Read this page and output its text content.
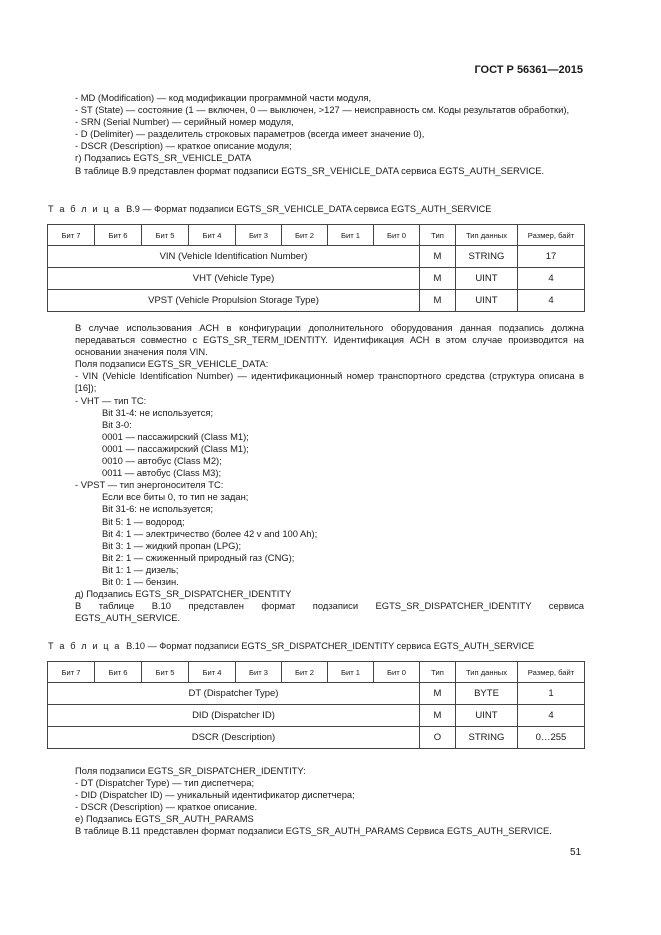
ГОСТ Р 56361—2015

- MD (Modification) — код модификации программной части модуля,

- ST (State) — состояние (1 — включен, 0 — выключен, >127 — неисправность см. Коды результатов обработки),

- SRN (Serial Number) — серийный номер модуля,

- D (Delimiter) — разделитель строковых параметров (всегда имеет значение 0),

- DSCR (Description) — краткое описание модуля;

г) Подзапись EGTS_SR_VEHICLE_DATA

В таблице В.9 представлен формат подзаписи EGTS_SR_VEHICLE_DATA сервиса EGTS_AUTH_SERVICE.

Т а б л и ц а В.9 — Формат подзаписи EGTS_SR_VEHICLE_DATA сервиса EGTS_AUTH_SERVICE
Бит 7	Бит 6	Бит 5	Бит 4	Бит 3	Бит 2	Бит 1	Бит 0	Тип	Тип данных	Размер, байт
VIN (Vehicle Identification Number)								M	STRING	17
VHT (Vehicle Type)								M	UINT	4
VPST (Vehicle Propulsion Storage Type)								M	UINT	4

В случае использования АСН в конфигурации дополнительного оборудования данная подзапись должна передаваться совместно с EGTS_SR_TERM_IDENTITY. Идентификация АСН в этом случае производится на основании значения поля VIN.

Поля подзаписи EGTS_SR_VEHICLE_DATA:

- VIN (Vehicle Identification Number) — идентификационный номер транспортного средства (структура описана в [16]);

- VHT — тип ТС:

Bit 31-4: не используется;

Bit 3-0:

0001 — пассажирский (Class M1);

0001 — пассажирский (Class M1);

0010 — автобус (Class M2);

0011 — автобус (Class M3);

- VPST — тип энергоносителя ТС:

Если все биты 0, то тип не задан;

Bit 31-6: не используется;

Bit 5: 1 — водород;

Bit 4: 1 — электричество (более 42 v and 100 Ah);

Bit 3: 1 — жидкий пропан (LPG);

Bit 2: 1 — сжиженный природный газ (CNG);

Bit 1: 1 — дизель;

Bit 0: 1 — бензин.

д) Подзапись EGTS_SR_DISPATCHER_IDENTITY

В таблице В.10 представлен формат подзаписи EGTS_SR_DISPATCHER_IDENTITY сервиса EGTS_AUTH_SERVICE.

Т а б л и ц а В.10 — Формат подзаписи EGTS_SR_DISPATCHER_IDENTITY сервиса EGTS_AUTH_SERVICE
Бит 7	Бит 6	Бит 5	Бит 4	Бит 3	Бит 2	Бит 1	Бит 0	Тип	Тип данных	Размер, байт
DT (Dispatcher Type)								M	BYTE	1
DID (Dispatcher ID)								M	UINT	4
DSCR (Description)								O	STRING	0…255

Поля подзаписи EGTS_SR_DISPATCHER_IDENTITY:

- DT (Dispatcher Type) — тип диспетчера;

- DID (Dispatcher ID) — уникальный идентификатор диспетчера;

- DSCR (Description) — краткое описание.

е) Подзапись EGTS_SR_AUTH_PARAMS

В таблице В.11 представлен формат подзаписи EGTS_SR_AUTH_PARAMS Сервиса EGTS_AUTH_SERVICE.

51
